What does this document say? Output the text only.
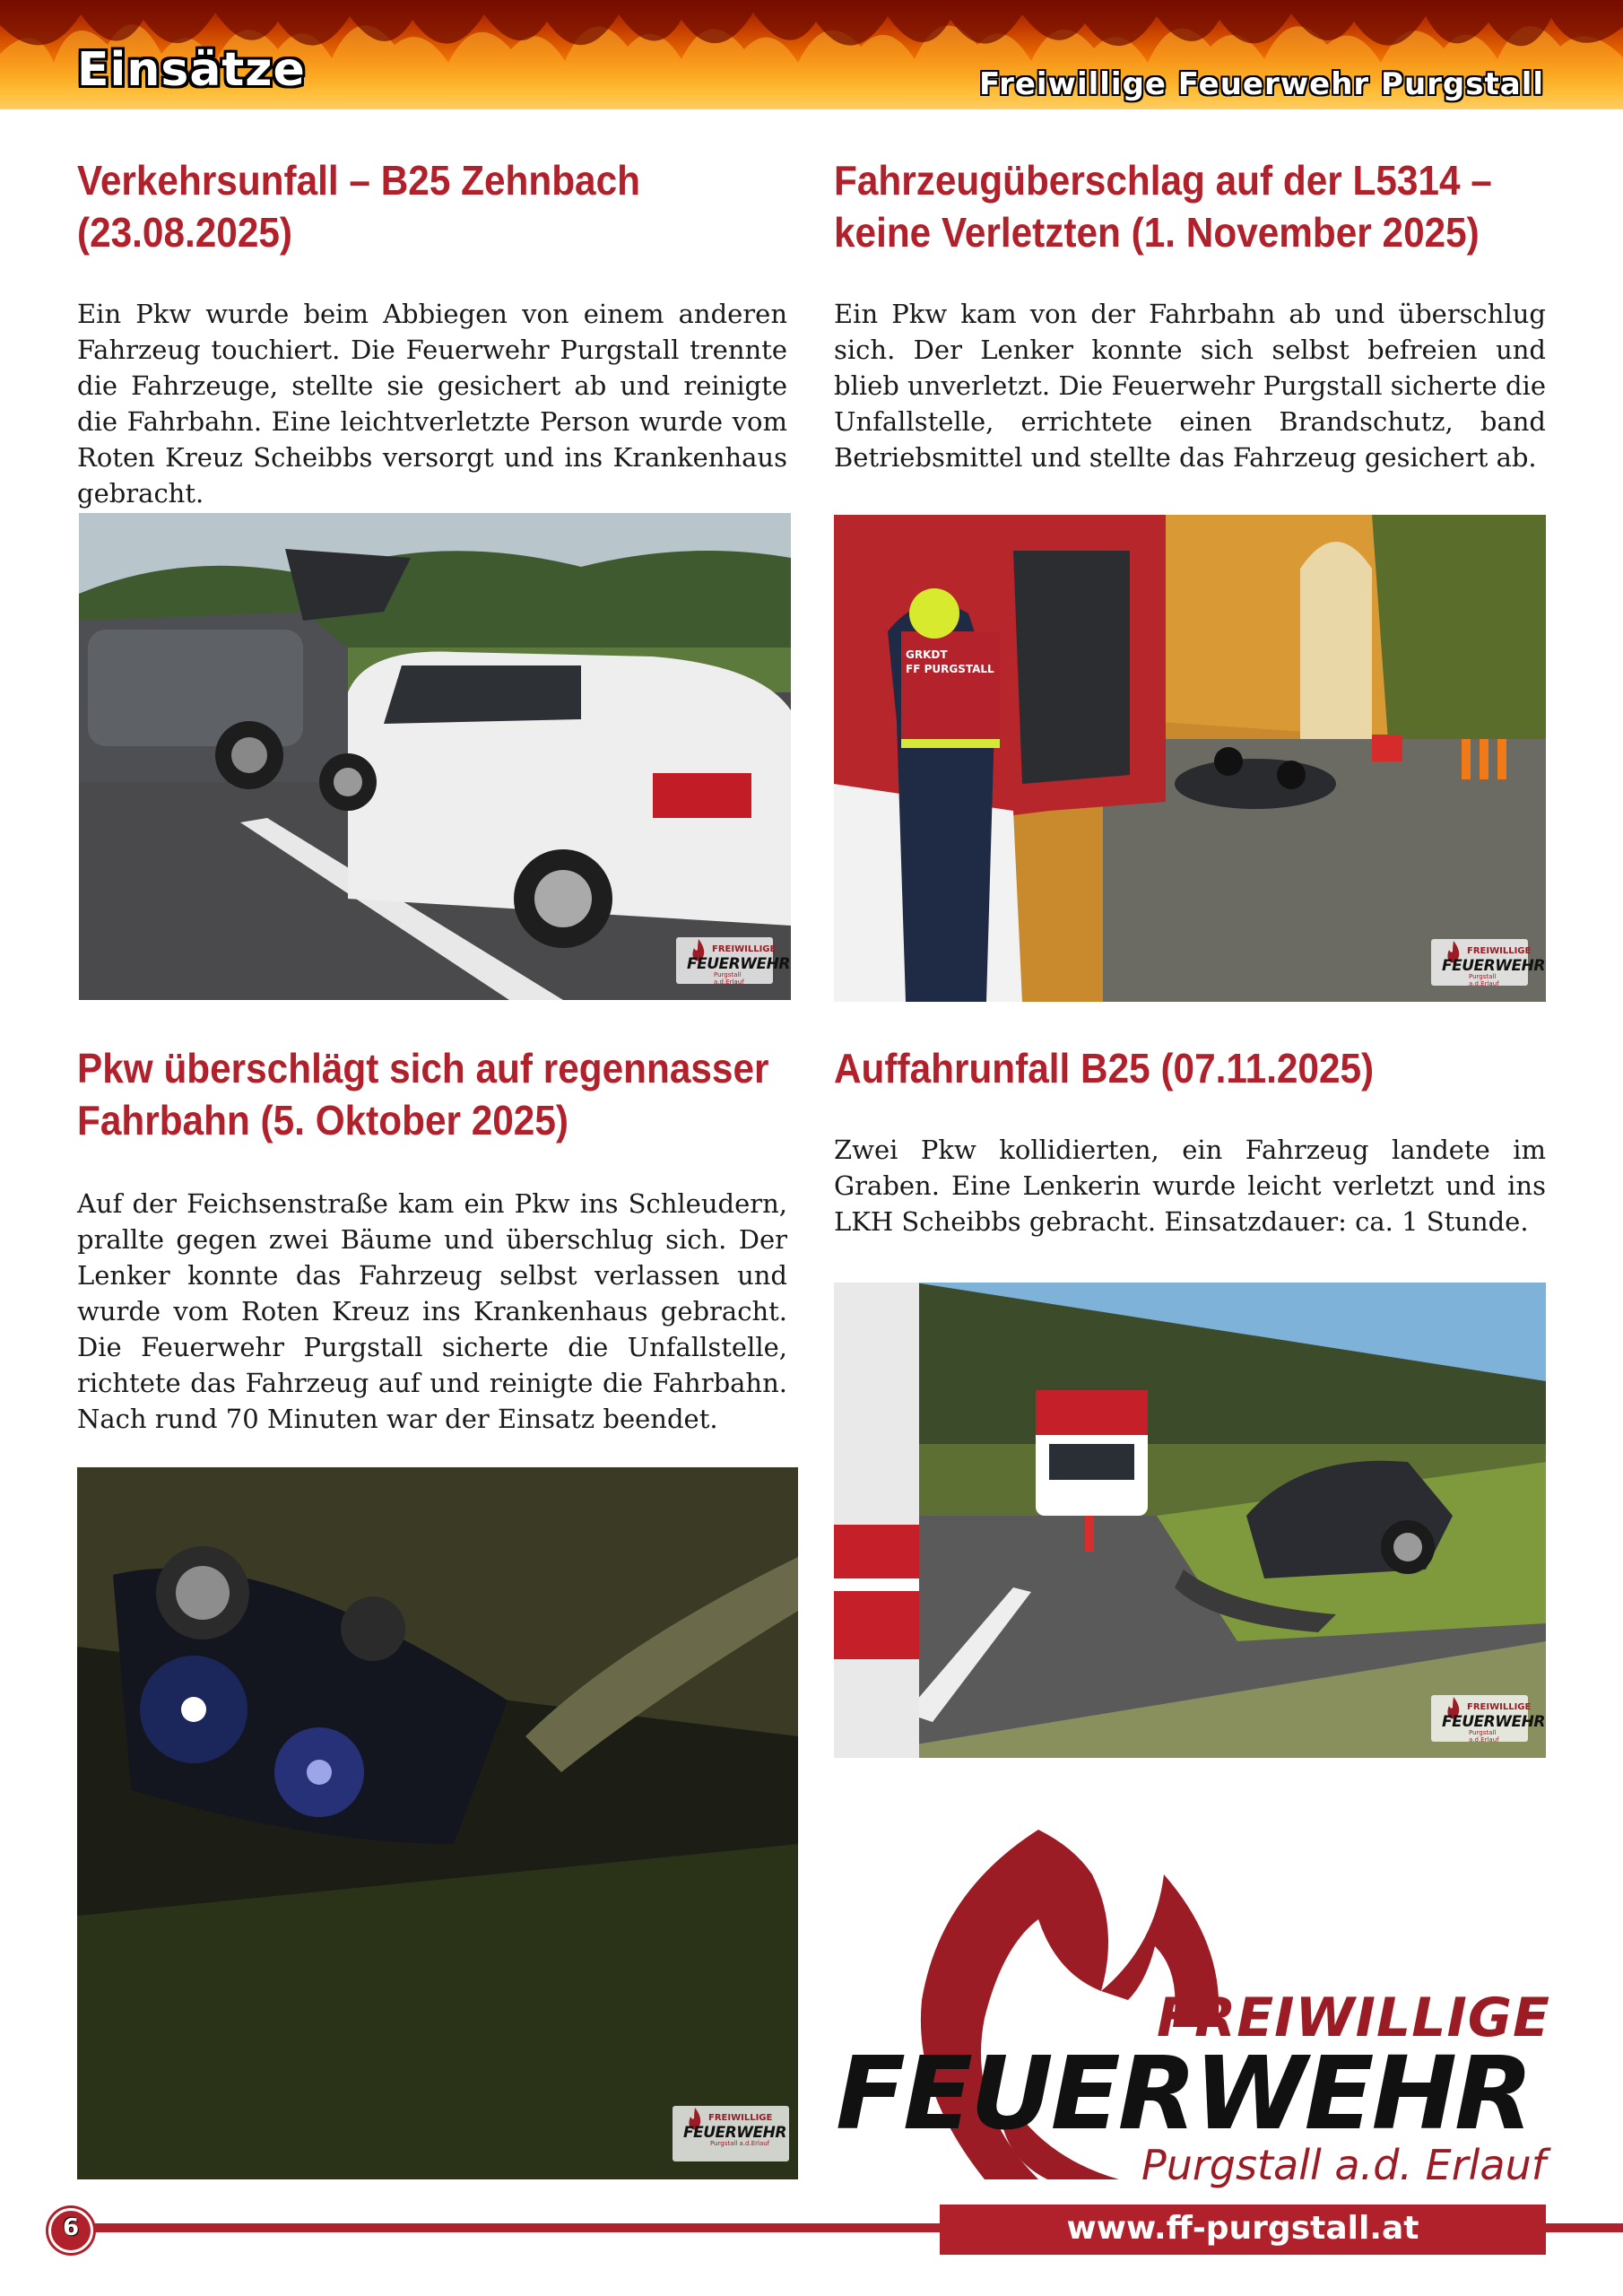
Einsätze	Freiwillige Feuerwehr Purgstall
Verkehrsunfall – B25 Zehnbach
(23.08.2025)

Ein Pkw wurde beim Abbiegen von einem anderen Fahrzeug touchiert. Die Feuerwehr Purgstall trennte die Fahrzeuge, stellte sie gesichert ab und reinigte die Fahrbahn. Eine leichtverletzte Person wurde vom Roten Kreuz Scheibbs versorgt und ins Krankenhaus gebracht.

FREIWILLIGE
FEUERWEHR
Purgstall a.d.Erlauf
Fahrzeugüberschlag auf der L5314 –
keine Verletzten (1. November 2025)

Ein Pkw kam von der Fahrbahn ab und überschlug sich. Der Lenker konnte sich selbst befreien und blieb unverletzt. Die Feuerwehr Purgstall sicherte die Unfallstelle, errichtete einen Brandschutz, band Betriebsmittel und stellte das Fahrzeug gesichert ab.

GRKDT
FF PURGSTALL
FREIWILLIGE
FEUERWEHR
Purgstall a.d.Erlauf
Pkw überschlägt sich auf regennasser
Fahrbahn (5. Oktober 2025)

Auf der Feichsenstraße kam ein Pkw ins Schleudern, prallte gegen zwei Bäume und überschlug sich. Der Lenker konnte das Fahrzeug selbst verlassen und wurde vom Roten Kreuz ins Krankenhaus gebracht. Die Feuerwehr Purgstall sicherte die Unfallstelle, richtete das Fahrzeug auf und reinigte die Fahrbahn. Nach rund 70 Minuten war der Einsatz beendet.

FREIWILLIGE
FEUERWEHR
Purgstall a.d.Erlauf
Auffahrunfall B25 (07.11.2025)

Zwei Pkw kollidierten, ein Fahrzeug landete im Graben. Eine Lenkerin wurde leicht verletzt und ins LKH Scheibbs gebracht. Einsatzdauer: ca. 1 Stunde.

FREIWILLIGE
FEUERWEHR
Purgstall a.d.Erlauf
FREIWILLIGE
FEUERWEHR
Purgstall a.d. Erlauf
6	www.ff-purgstall.at
